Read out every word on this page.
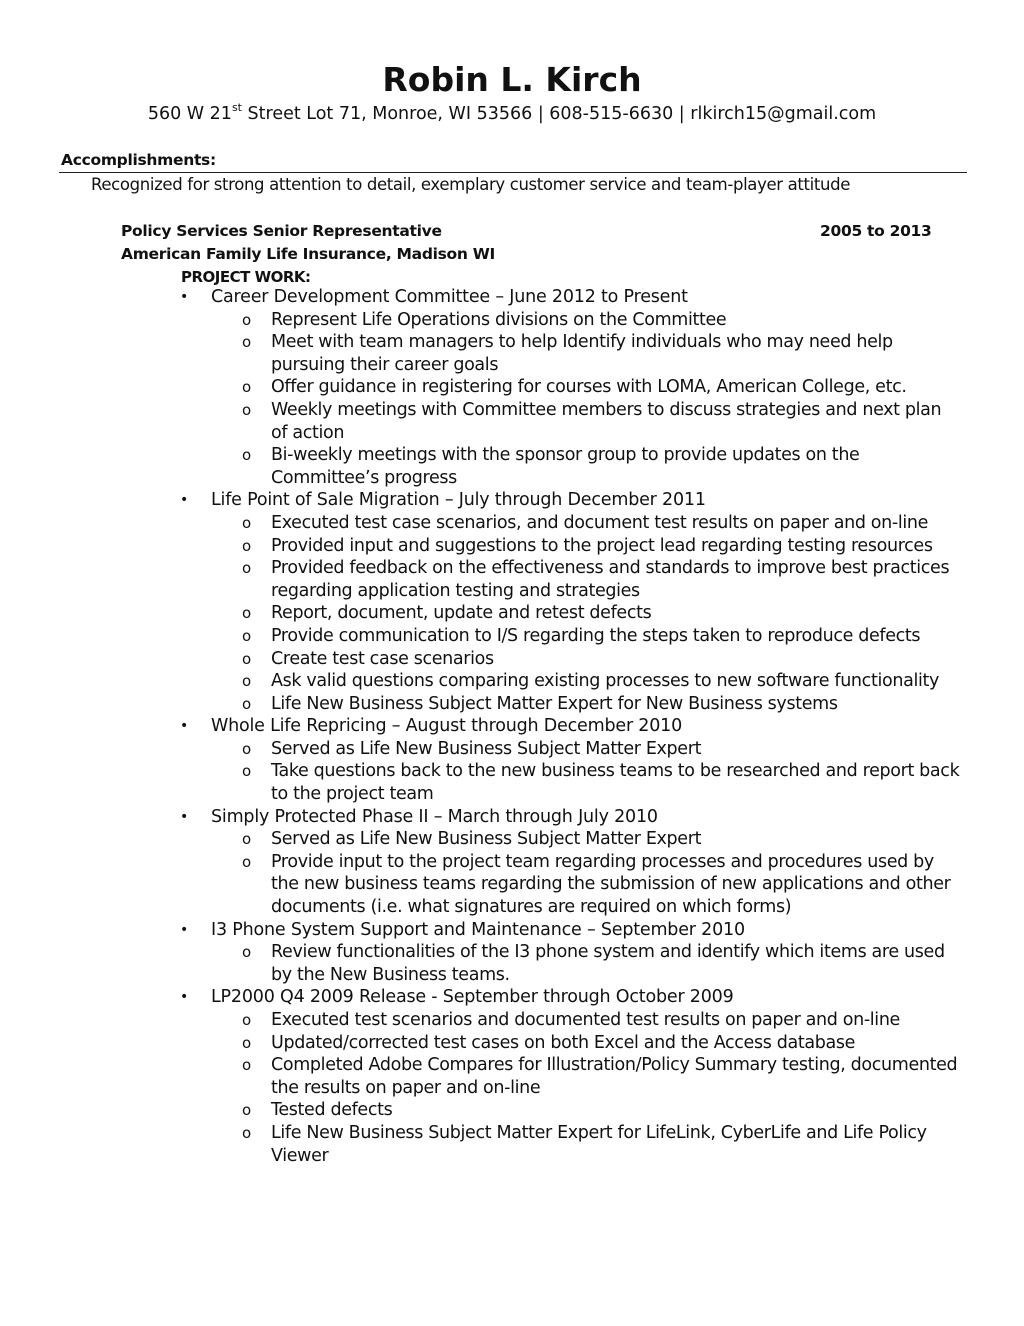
Robin L. Kirch
560 W 21st Street Lot 71, Monroe, WI 53566 | 608-515-6630 | rlkirch15@gmail.com
Accomplishments:
Recognized for strong attention to detail, exemplary customer service and team-player attitude
Policy Services Senior Representative	2005 to 2013
American Family Life Insurance, Madison WI
PROJECT WORK:
• Career Development Committee – June 2012 to Present
o Represent Life Operations divisions on the Committee
o Meet with team managers to help Identify individuals who may need help pursuing their career goals
o Offer guidance in registering for courses with LOMA, American College, etc.
o Weekly meetings with Committee members to discuss strategies and next plan of action
o Bi-weekly meetings with the sponsor group to provide updates on the Committee’s progress
• Life Point of Sale Migration – July through December 2011
o Executed test case scenarios, and document test results on paper and on-line
o Provided input and suggestions to the project lead regarding testing resources
o Provided feedback on the effectiveness and standards to improve best practices regarding application testing and strategies
o Report, document, update and retest defects
o Provide communication to I/S regarding the steps taken to reproduce defects
o Create test case scenarios
o Ask valid questions comparing existing processes to new software functionality
o Life New Business Subject Matter Expert for New Business systems
• Whole Life Repricing – August through December 2010
o Served as Life New Business Subject Matter Expert
o Take questions back to the new business teams to be researched and report back to the project team
• Simply Protected Phase II – March through July 2010
o Served as Life New Business Subject Matter Expert
o Provide input to the project team regarding processes and procedures used by the new business teams regarding the submission of new applications and other documents (i.e. what signatures are required on which forms)
• I3 Phone System Support and Maintenance – September 2010
o Review functionalities of the I3 phone system and identify which items are used by the New Business teams.
• LP2000 Q4 2009 Release - September through October 2009
o Executed test scenarios and documented test results on paper and on-line
o Updated/corrected test cases on both Excel and the Access database
o Completed Adobe Compares for Illustration/Policy Summary testing, documented the results on paper and on-line
o Tested defects
o Life New Business Subject Matter Expert for LifeLink, CyberLife and Life Policy Viewer
